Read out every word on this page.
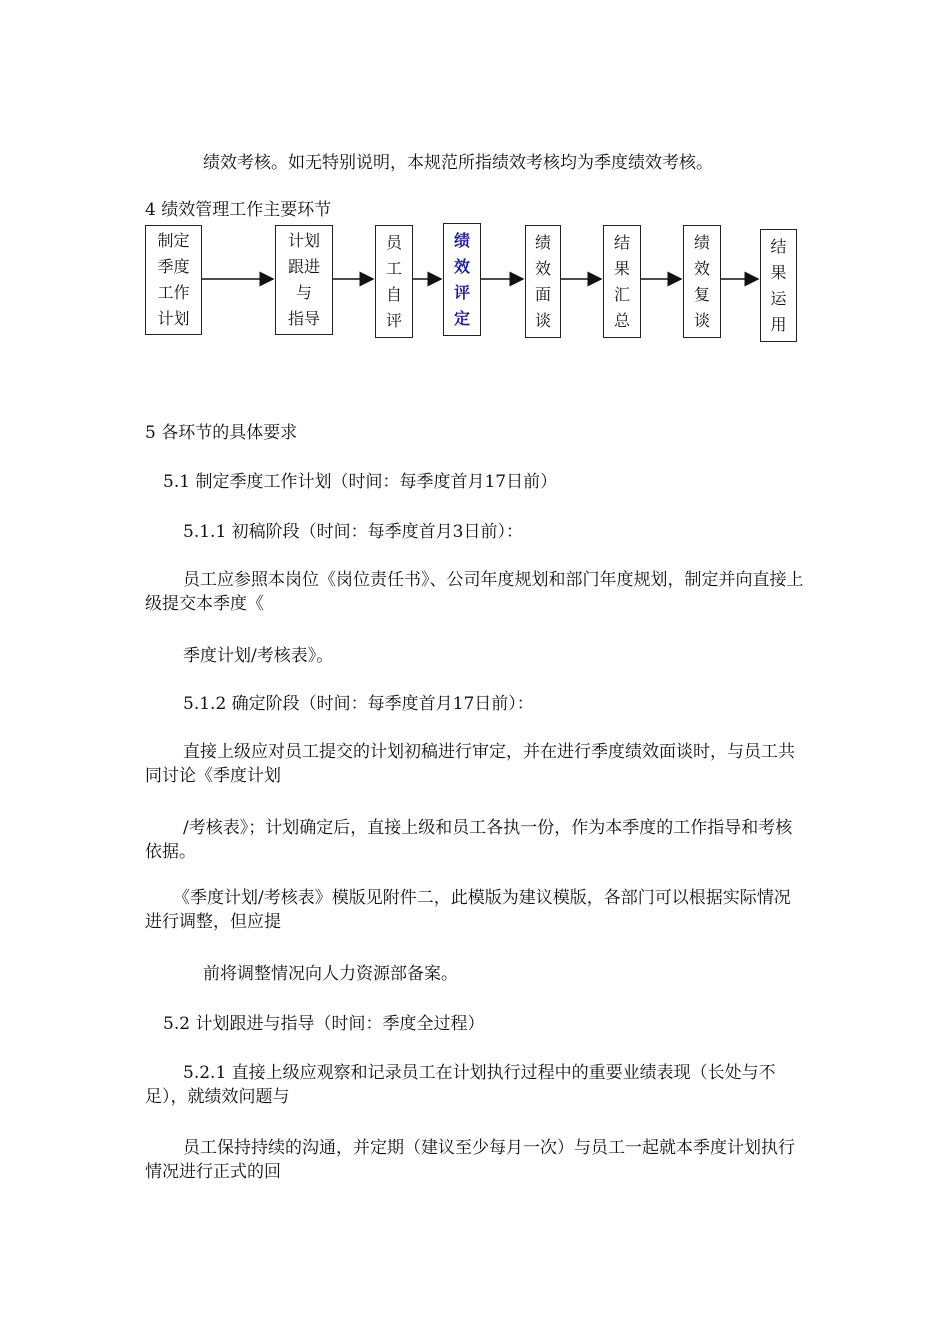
绩效考核。如无特别说明，本规范所指绩效考核均为季度绩效考核。
4 绩效管理工作主要环节
制定
季度
工作
计划
计划
跟进
与
指导
员
工
自
评
绩
效
评
定
绩
效
面
谈
结
果
汇
总
绩
效
复
谈
结
果
运
用
5 各环节的具体要求
5.1 制定季度工作计划（时间：每季度首月17日前）
5.1.1 初稿阶段（时间：每季度首月3日前）：
员工应参照本岗位《岗位责任书》、公司年度规划和部门年度规划，制定并向直接上级提交本季度《
季度计划/考核表》。
5.1.2 确定阶段（时间：每季度首月17日前）：
直接上级应对员工提交的计划初稿进行审定，并在进行季度绩效面谈时，与员工共同讨论《季度计划
/考核表》；计划确定后，直接上级和员工各执一份，作为本季度的工作指导和考核依据。
《季度计划/考核表》模版见附件二，此模版为建议模版，各部门可以根据实际情况进行调整，但应提
前将调整情况向人力资源部备案。
5.2 计划跟进与指导（时间：季度全过程）
5.2.1 直接上级应观察和记录员工在计划执行过程中的重要业绩表现（长处与不足），就绩效问题与
员工保持持续的沟通，并定期（建议至少每月一次）与员工一起就本季度计划执行情况进行正式的回
